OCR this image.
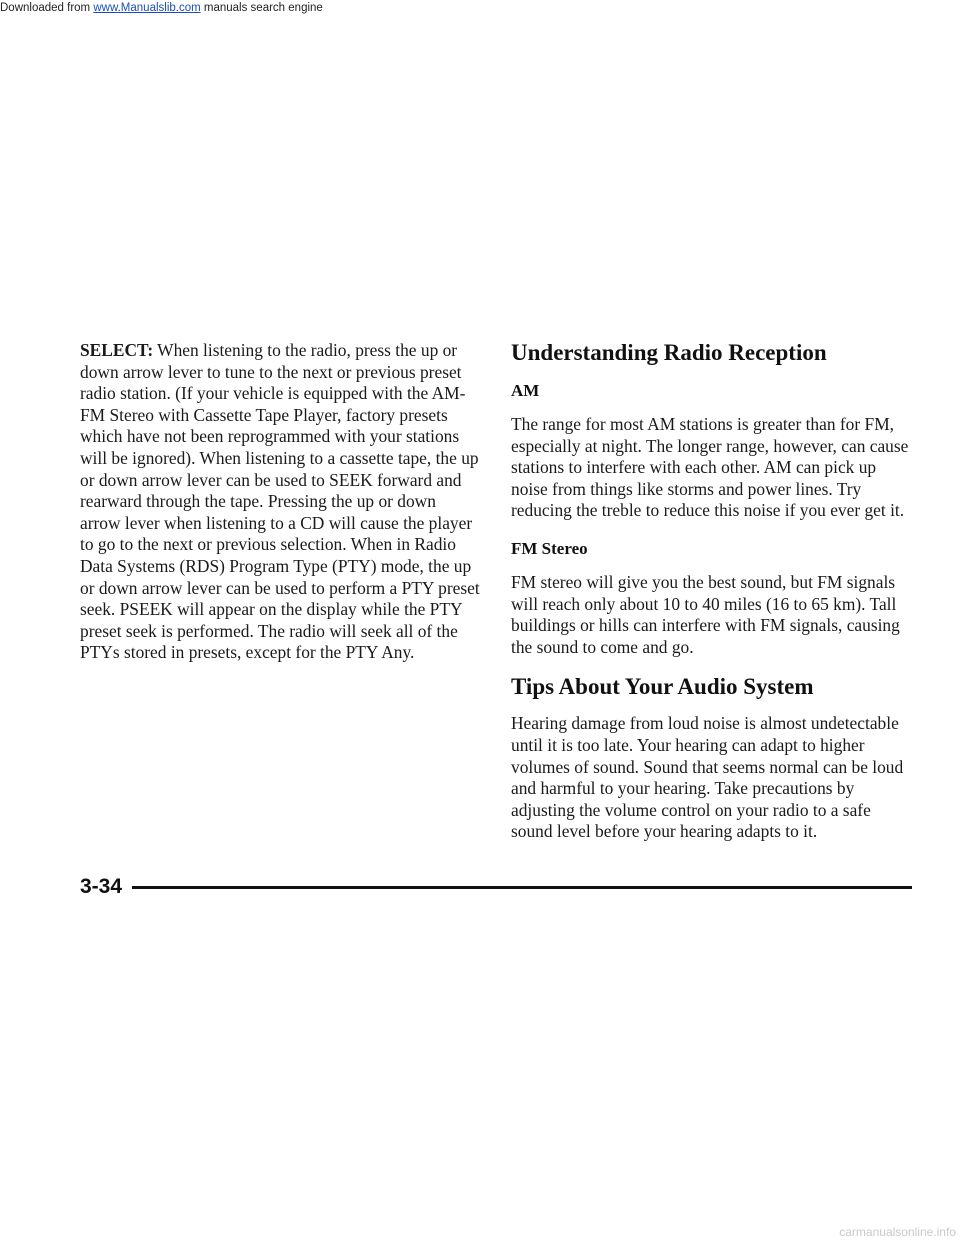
Downloaded from www.Manualslib.com manuals search engine

SELECT: When listening to the radio, press the up or down arrow lever to tune to the next or previous preset radio station. (If your vehicle is equipped with the AM-FM Stereo with Cassette Tape Player, factory presets which have not been reprogrammed with your stations will be ignored). When listening to a cassette tape, the up or down arrow lever can be used to SEEK forward and rearward through the tape. Pressing the up or down arrow lever when listening to a CD will cause the player to go to the next or previous selection. When in Radio Data Systems (RDS) Program Type (PTY) mode, the up or down arrow lever can be used to perform a PTY preset seek. PSEEK will appear on the display while the PTY preset seek is performed. The radio will seek all of the PTYs stored in presets, except for the PTY Any.

Understanding Radio Reception
AM

The range for most AM stations is greater than for FM, especially at night. The longer range, however, can cause stations to interfere with each other. AM can pick up noise from things like storms and power lines. Try reducing the treble to reduce this noise if you ever get it.

FM Stereo

FM stereo will give you the best sound, but FM signals will reach only about 10 to 40 miles (16 to 65 km). Tall buildings or hills can interfere with FM signals, causing the sound to come and go.

Tips About Your Audio System

Hearing damage from loud noise is almost undetectable until it is too late. Your hearing can adapt to higher volumes of sound. Sound that seems normal can be loud and harmful to your hearing. Take precautions by adjusting the volume control on your radio to a safe sound level before your hearing adapts to it.

3-34
carmanualsonline.info
